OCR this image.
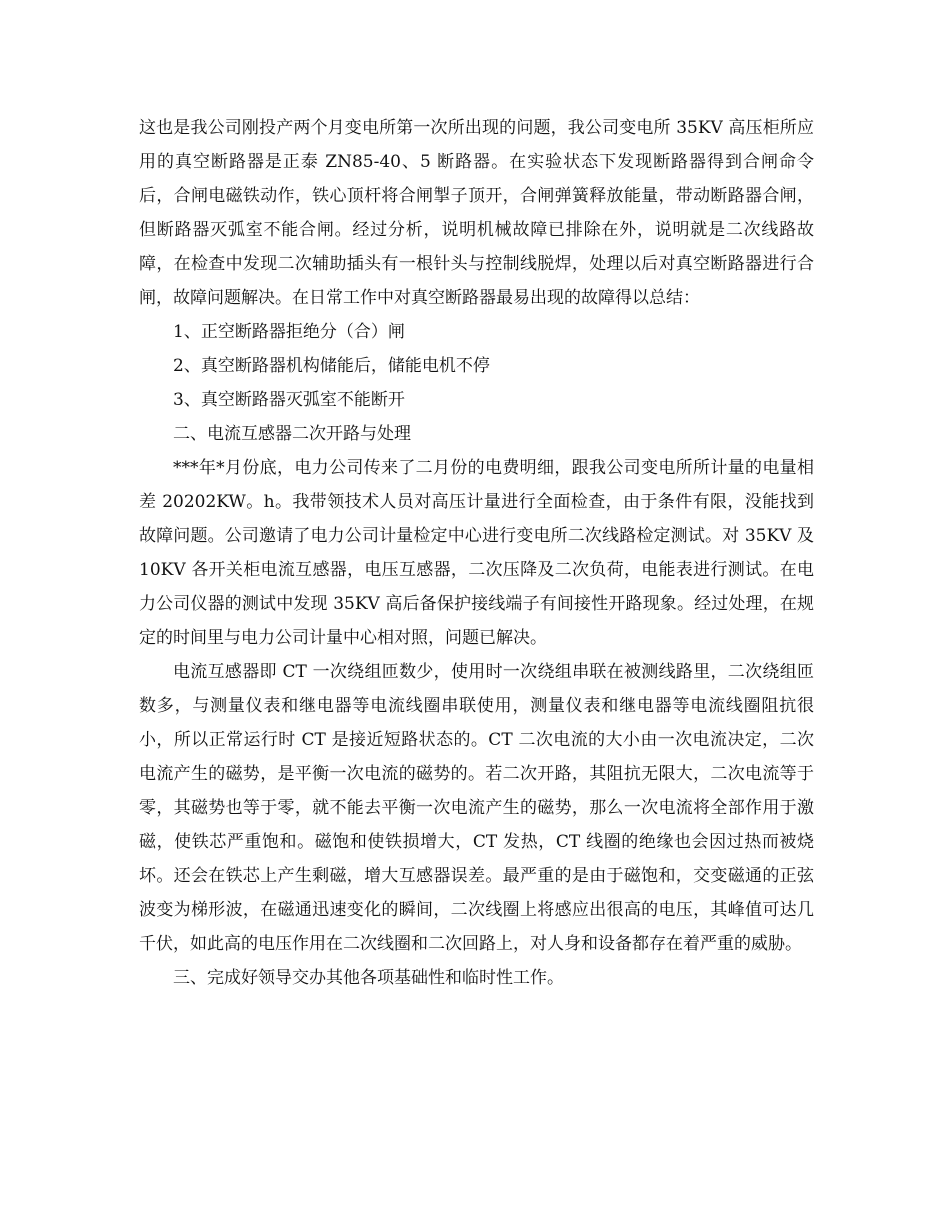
这也是我公司刚投产两个月变电所第一次所出现的问题，我公司变电所 35KV 高压柜所应用的真空断路器是正泰 ZN85-40、5 断路器。在实验状态下发现断路器得到合闸命令后，合闸电磁铁动作，铁心顶杆将合闸掣子顶开，合闸弹簧释放能量，带动断路器合闸，但断路器灭弧室不能合闸。经过分析，说明机械故障已排除在外，说明就是二次线路故障，在检查中发现二次辅助插头有一根针头与控制线脱焊，处理以后对真空断路器进行合闸，故障问题解决。在日常工作中对真空断路器最易出现的故障得以总结：

1、正空断路器拒绝分（合）闸

2、真空断路器机构储能后，储能电机不停

3、真空断路器灭弧室不能断开

二、电流互感器二次开路与处理

***年*月份底，电力公司传来了二月份的电费明细，跟我公司变电所所计量的电量相差 20202KW。h。我带领技术人员对高压计量进行全面检查，由于条件有限，没能找到故障问题。公司邀请了电力公司计量检定中心进行变电所二次线路检定测试。对 35KV 及 10KV 各开关柜电流互感器，电压互感器，二次压降及二次负荷，电能表进行测试。在电力公司仪器的测试中发现 35KV 高后备保护接线端子有间接性开路现象。经过处理，在规定的时间里与电力公司计量中心相对照，问题已解决。

电流互感器即 CT 一次绕组匝数少，使用时一次绕组串联在被测线路里，二次绕组匝数多，与测量仪表和继电器等电流线圈串联使用，测量仪表和继电器等电流线圈阻抗很小，所以正常运行时 CT 是接近短路状态的。CT 二次电流的大小由一次电流决定，二次电流产生的磁势，是平衡一次电流的磁势的。若二次开路，其阻抗无限大，二次电流等于零，其磁势也等于零，就不能去平衡一次电流产生的磁势，那么一次电流将全部作用于激磁，使铁芯严重饱和。磁饱和使铁损增大，CT 发热，CT 线圈的绝缘也会因过热而被烧坏。还会在铁芯上产生剩磁，增大互感器误差。最严重的是由于磁饱和，交变磁通的正弦波变为梯形波，在磁通迅速变化的瞬间，二次线圈上将感应出很高的电压，其峰值可达几千伏，如此高的电压作用在二次线圈和二次回路上，对人身和设备都存在着严重的威胁。

三、完成好领导交办其他各项基础性和临时性工作。
